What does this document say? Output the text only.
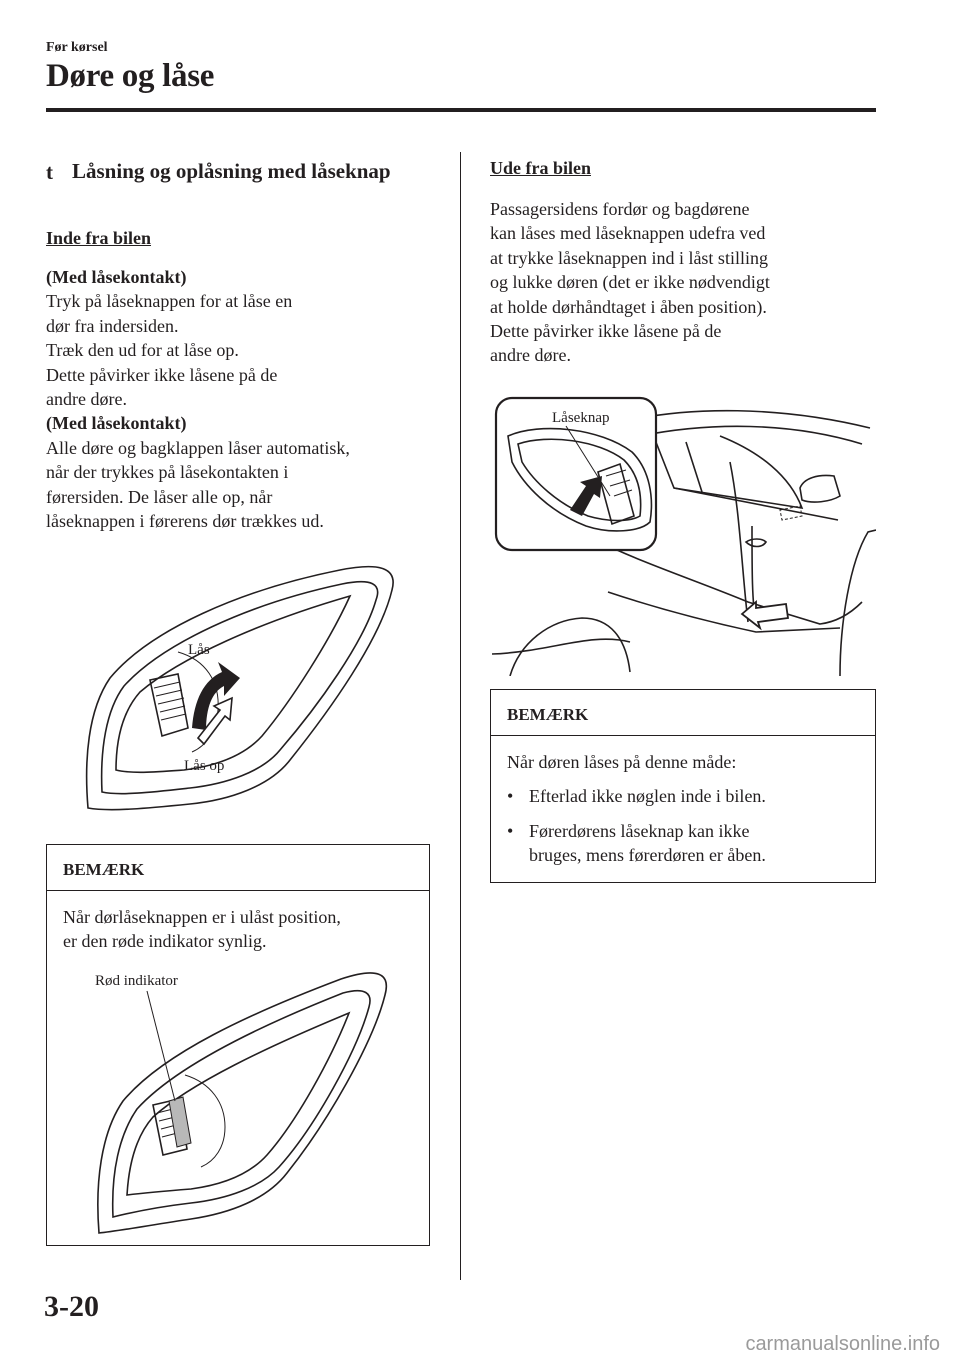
Før kørsel
Døre og låse
t Låsning og oplåsning med låseknap
Inde fra bilen
(Med låsekontakt)
Tryk på låseknappen for at låse en
dør fra indersiden.
Træk den ud for at låse op.
Dette påvirker ikke låsene på de
andre døre.
(Med låsekontakt)
Alle døre og bagklappen låser automatisk,
når der trykkes på låsekontakten i
førersiden. De låser alle op, når
låseknappen i førerens dør trækkes ud.
Lås
Lås op
BEMÆRK
Når dørlåseknappen er i ulåst position,
er den røde indikator synlig.
Rød indikator
Ude fra bilen
Passagersidens fordør og bagdørene
kan låses med låseknappen udefra ved
at trykke låseknappen ind i låst stilling
og lukke døren (det er ikke nødvendigt
at holde dørhåndtaget i åben position).
Dette påvirker ikke låsene på de
andre døre.
Låseknap
BEMÆRK
Når døren låses på denne måde:
• Efterlad ikke nøglen inde i bilen.
• Førerdørens låseknap kan ikke
bruges, mens førerdøren er åben.
3-20
carmanualsonline.info
